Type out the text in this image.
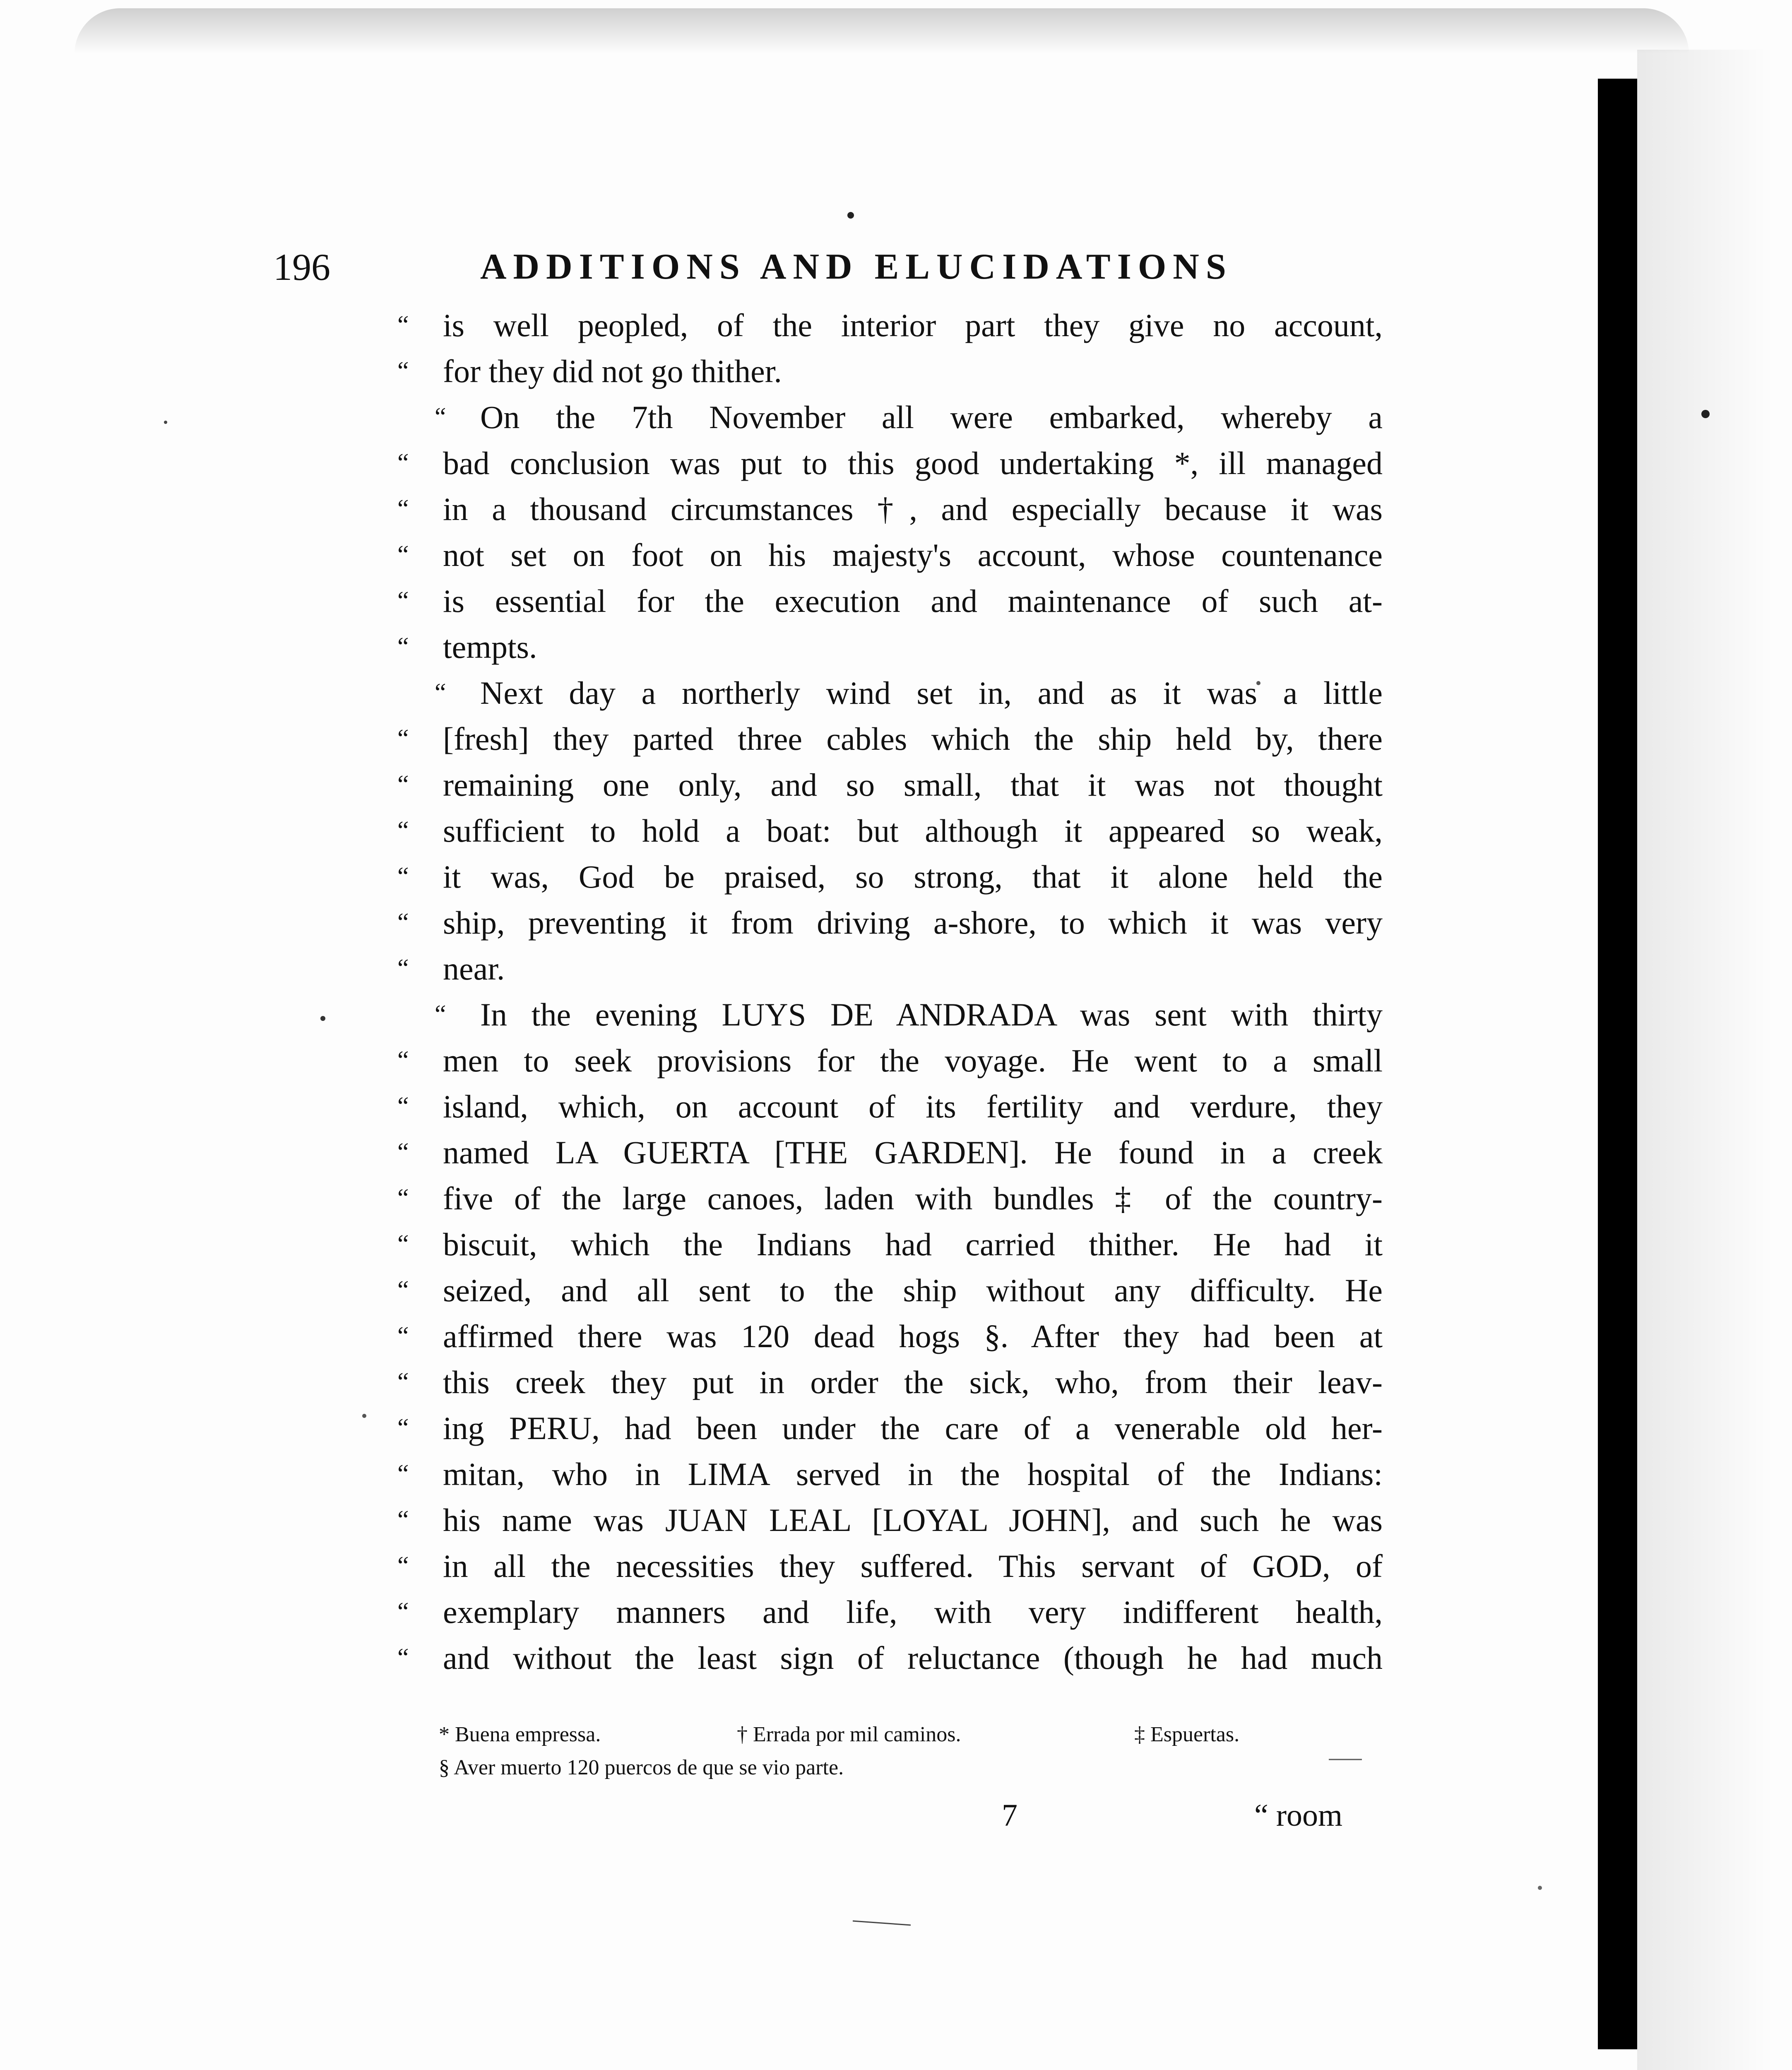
196	ADDITIONS AND ELUCIDATIONS
“	is well peopled, of the interior part they give no account,
“	for they did not go thither.
“	On the 7th November all were embarked, whereby a
“	bad conclusion was put to this good undertaking *, ill managed
“	in a thousand circumstances †, and especially because it was
“	not set on foot on his majesty's account, whose countenance
“	is essential for the execution and maintenance of such at-
“	tempts.
“	Next day a northerly wind set in, and as it was a little
“	[fresh] they parted three cables which the ship held by, there
“	remaining one only, and so small, that it was not thought
“	sufficient to hold a boat: but although it appeared so weak,
“	it was, God be praised, so strong, that it alone held the
“	ship, preventing it from driving a-shore, to which it was very
“	near.
“	In the evening LUYS DE ANDRADA was sent with thirty
“	men to seek provisions for the voyage. He went to a small
“	island, which, on account of its fertility and verdure, they
“	named LA GUERTA [THE GARDEN]. He found in a creek
“	five of the large canoes, laden with bundles ‡ of the country-
“	biscuit, which the Indians had carried thither. He had it
“	seized, and all sent to the ship without any difficulty. He
“	affirmed there was 120 dead hogs §. After they had been at
“	this creek they put in order the sick, who, from their leav-
“	ing PERU, had been under the care of a venerable old her-
“	mitan, who in LIMA served in the hospital of the Indians:
“	his name was JUAN LEAL [LOYAL JOHN], and such he was
“	in all the necessities they suffered. This servant of GOD, of
“	exemplary manners and life, with very indifferent health,
“	and without the least sign of reluctance (though he had much
* Buena empressa.	† Errada por mil caminos.	‡ Espuertas.
§ Aver muerto 120 puercos de que se vio parte.
7	“ room
